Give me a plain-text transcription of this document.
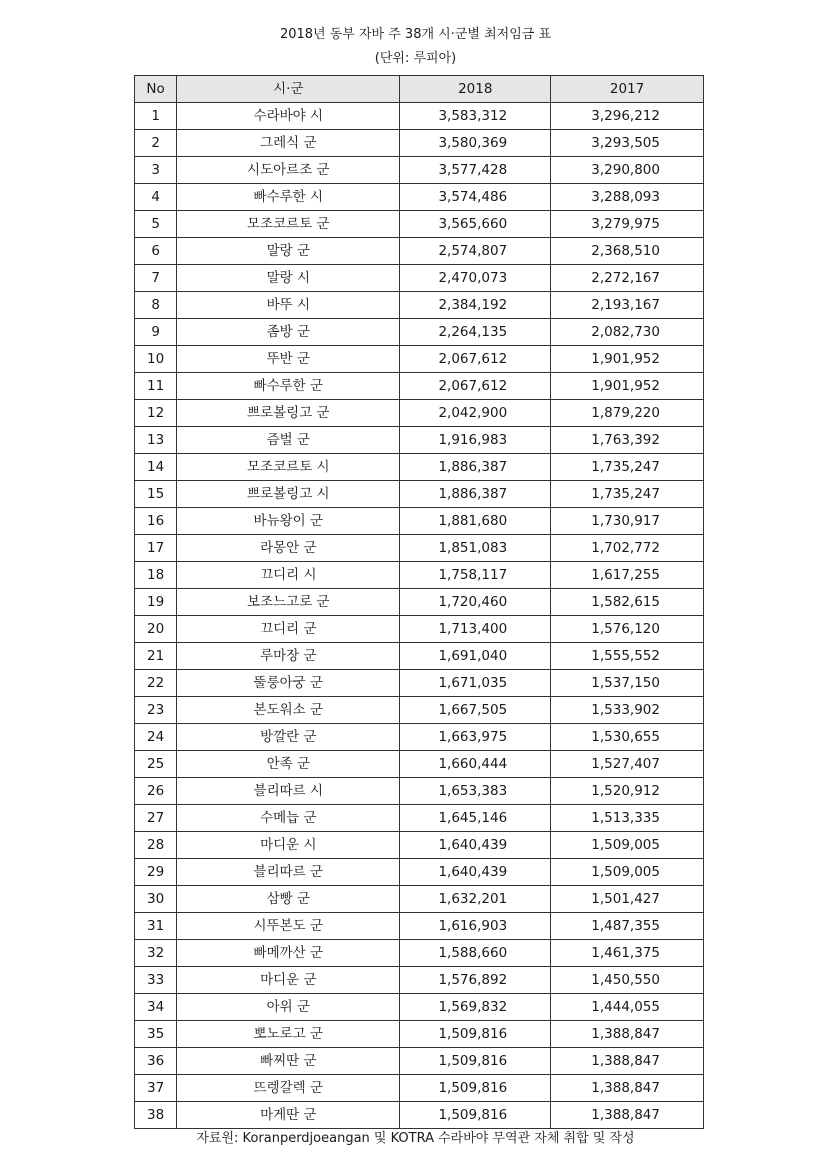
2018년 동부 자바 주 38개 시·군별 최저임금 표
(단위: 루피아)
No	시·군	2018	2017
1	수라바야 시	3,583,312	3,296,212
2	그레식 군	3,580,369	3,293,505
3	시도아르조 군	3,577,428	3,290,800
4	빠수루한 시	3,574,486	3,288,093
5	모조코르토 군	3,565,660	3,279,975
6	말랑 군	2,574,807	2,368,510
7	말랑 시	2,470,073	2,272,167
8	바뚜 시	2,384,192	2,193,167
9	좀방 군	2,264,135	2,082,730
10	뚜반 군	2,067,612	1,901,952
11	빠수루한 군	2,067,612	1,901,952
12	쁘로볼링고 군	2,042,900	1,879,220
13	즘벌 군	1,916,983	1,763,392
14	모조코르토 시	1,886,387	1,735,247
15	쁘로볼링고 시	1,886,387	1,735,247
16	바뉴왕이 군	1,881,680	1,730,917
17	라몽안 군	1,851,083	1,702,772
18	끄디리 시	1,758,117	1,617,255
19	보조느고로 군	1,720,460	1,582,615
20	끄디리 군	1,713,400	1,576,120
21	루마장 군	1,691,040	1,555,552
22	뚤룽아궁 군	1,671,035	1,537,150
23	본도워소 군	1,667,505	1,533,902
24	방깔란 군	1,663,975	1,530,655
25	안족 군	1,660,444	1,527,407
26	블리따르 시	1,653,383	1,520,912
27	수메늡 군	1,645,146	1,513,335
28	마디운 시	1,640,439	1,509,005
29	블리따르 군	1,640,439	1,509,005
30	삼빵 군	1,632,201	1,501,427
31	시뚜본도 군	1,616,903	1,487,355
32	빠메까산 군	1,588,660	1,461,375
33	마디운 군	1,576,892	1,450,550
34	아위 군	1,569,832	1,444,055
35	뽀노로고 군	1,509,816	1,388,847
36	빠찌딴 군	1,509,816	1,388,847
37	뜨렝갈렉 군	1,509,816	1,388,847
38	마게딴 군	1,509,816	1,388,847
자료원: Koranperdjoeangan 및 KOTRA 수라바야 무역관 자체 취합 및 작성
